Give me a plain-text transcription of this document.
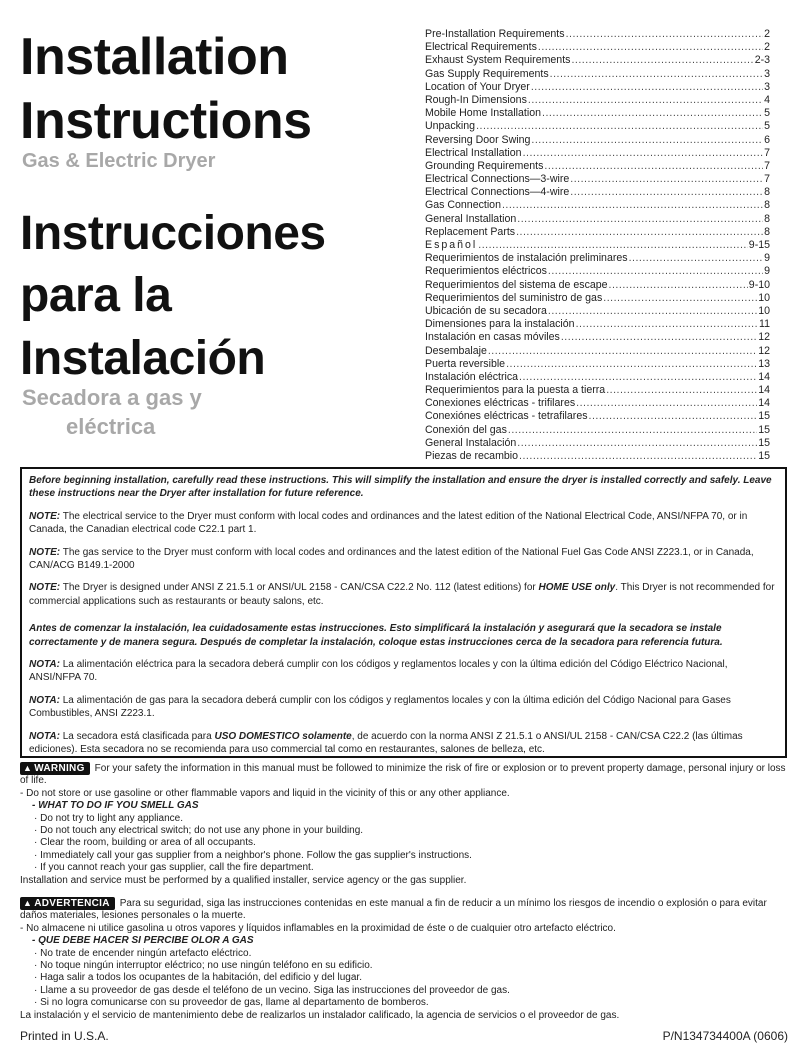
Installation
Instructions
Gas & Electric Dryer
Instrucciones
para la
Instalación
Secadora a gas y
eléctrica
Pre-Installation Requirements .....	2
Electrical Requirements .....	2
Exhaust System Requirements .....	2-3
Gas Supply Requirements .....	3
Location of Your Dryer .....	3
Rough-In Dimensions .....	4
Mobile Home Installation .....	5
Unpacking .....	5
Reversing Door Swing .....	6
Electrical Installation .....	7
Grounding Requirements .....	7
Electrical Connections—3-wire .....	7
Electrical Connections—4-wire .....	8
Gas Connection .....	8
General Installation .....	8
Replacement Parts .....	8
Español .....	9-15
Requerimientos de instalación preliminares .....	9
Requerimientos eléctricos .....	9
Requerimientos del sistema de escape .....	9-10
Requerimientos del suministro de gas .....	10
Ubicación de su secadora .....	10
Dimensiones para la instalación .....	11
Instalación en casas móviles .....	12
Desembalaje .....	12
Puerta reversible .....	13
Instalación eléctrica .....	14
Requerimientos para la puesta a tierra .....	14
Conexiones eléctricas - trifilares .....	14
Conexiónes eléctricas - tetrafilares .....	15
Conexión del gas .....	15
General Instalación .....	15
Piezas de recambio .....	15

Before beginning installation, carefully read these instructions. This will simplify the installation and ensure the dryer is installed correctly and safely. Leave these instructions near the Dryer after installation for future reference.

NOTE: The electrical service to the Dryer must conform with local codes and ordinances and the latest edition of the National Electrical Code, ANSI/NFPA 70, or in Canada, the Canadian electrical code C22.1 part 1.

NOTE: The gas service to the Dryer must conform with local codes and ordinances and the latest edition of the National Fuel Gas Code ANSI Z223.1, or in Canada, CAN/ACG B149.1-2000

NOTE: The Dryer is designed under ANSI Z 21.5.1 or ANSI/UL 2158 - CAN/CSA C22.2 No. 112 (latest editions) for HOME USE only. This Dryer is not recommended for commercial applications such as restaurants or beauty salons, etc.

Antes de comenzar la instalación, lea cuidadosamente estas instrucciones. Esto simplificará la instalación y asegurará que la secadora se instale correctamente y de manera segura. Después de completar la instalación, coloque estas instrucciones cerca de la secadora para referencia futura.

NOTA: La alimentación eléctrica para la secadora deberá cumplir con los códigos y reglamentos locales y con la última edición del Código Eléctrico Nacional, ANSI/NFPA 70.

NOTA: La alimentación de gas para la secadora deberá cumplir con los códigos y reglamentos locales y con la última edición del Código Nacional para Gases Combustibles, ANSI Z223.1.

NOTA: La secadora está clasificada para USO DOMESTICO solamente, de acuerdo con la norma ANSI Z 21.5.1 o ANSI/UL 2158 - CAN/CSA C22.2 (las últimas ediciones). Esta secadora no se recomienda para uso commercial tal como en restaurantes, salones de belleza, etc.

▲ WARNING For your safety the information in this manual must be followed to minimize the risk of fire or explosion or to prevent property damage, personal injury or loss of life.
- Do not store or use gasoline or other flammable vapors and liquid in the vicinity of this or any other appliance.
- WHAT TO DO IF YOU SMELL GAS
· Do not try to light any appliance.
· Do not touch any electrical switch; do not use any phone in your building.
· Clear the room, building or area of all occupants.
· Immediately call your gas supplier from a neighbor's phone. Follow the gas supplier's instructions.
· If you cannot reach your gas supplier, call the fire department.
Installation and service must be performed by a qualified installer, service agency or the gas supplier.
▲ ADVERTENCIA Para su seguridad, siga las instrucciones contenidas en este manual a fin de reducir a un mínimo los riesgos de incendio o explosión o para evitar daños materiales, lesiones personales o la muerte.
- No almacene ni utilice gasolina u otros vapores y líquidos inflamables en la proximidad de éste o de cualquier otro artefacto eléctrico.
- QUE DEBE HACER SI PERCIBE OLOR A GAS
· No trate de encender ningún artefacto eléctrico.
· No toque ningún interruptor eléctrico; no use ningún teléfono en su edificio.
· Haga salir a todos los ocupantes de la habitación, del edificio y del lugar.
· Llame a su proveedor de gas desde el teléfono de un vecino. Siga las instrucciones del proveedor de gas.
· Si no logra comunicarse con su proveedor de gas, llame al departamento de bomberos.
La instalación y el servicio de mantenimiento debe de realizarlos un instalador calificado, la agencia de servicios o el proveedor de gas.
Printed in U.S.A.	P/N134734400A (0606)
